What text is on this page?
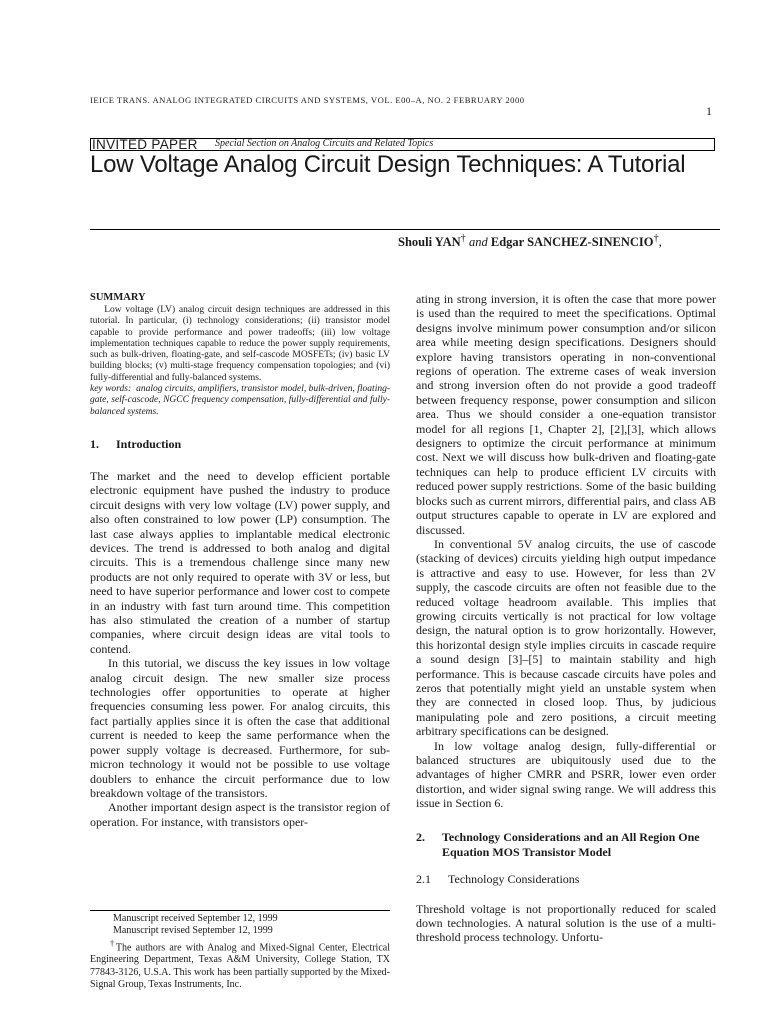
IEICE TRANS. ANALOG INTEGRATED CIRCUITS AND SYSTEMS, VOL. E00–A, NO. 2 FEBRUARY 2000
1
INVITED PAPER Special Section on Analog Circuits and Related Topics
Low Voltage Analog Circuit Design Techniques: A Tutorial
Shouli YAN† and Edgar SANCHEZ-SINENCIO†,

SUMMARY

Low voltage (LV) analog circuit design techniques are addressed in this tutorial. In particular, (i) technology considerations; (ii) transistor model capable to provide performance and power tradeoffs; (iii) low voltage implementation techniques capable to reduce the power supply requirements, such as bulk-driven, floating-gate, and self-cascode MOSFETs; (iv) basic LV building blocks; (v) multi-stage frequency compensation topologies; and (vi) fully-differential and fully-balanced systems.

key words: analog circuits, amplifiers, transistor model, bulk-driven, floating-gate, self-cascode, NGCC frequency compensation, fully-differential and fully-balanced systems.

1. Introduction

The market and the need to develop efficient portable electronic equipment have pushed the industry to produce circuit designs with very low voltage (LV) power supply, and also often constrained to low power (LP) consumption. The last case always applies to implantable medical electronic devices. The trend is addressed to both analog and digital circuits. This is a tremendous challenge since many new products are not only required to operate with 3V or less, but need to have superior performance and lower cost to compete in an industry with fast turn around time. This competition has also stimulated the creation of a number of startup companies, where circuit design ideas are vital tools to contend.

In this tutorial, we discuss the key issues in low voltage analog circuit design. The new smaller size process technologies offer opportunities to operate at higher frequencies consuming less power. For analog circuits, this fact partially applies since it is often the case that additional current is needed to keep the same performance when the power supply voltage is decreased. Furthermore, for sub-micron technology it would not be possible to use voltage doublers to enhance the circuit performance due to low breakdown voltage of the transistors.

Another important design aspect is the transistor region of operation. For instance, with transistors oper-

Manuscript received September 12, 1999

Manuscript revised September 12, 1999

†The authors are with Analog and Mixed-Signal Center, Electrical Engineering Department, Texas A&M University, College Station, TX 77843-3126, U.S.A. This work has been partially supported by the Mixed-Signal Group, Texas Instruments, Inc.

ating in strong inversion, it is often the case that more power is used than the required to meet the specifications. Optimal designs involve minimum power consumption and/or silicon area while meeting design specifications. Designers should explore having transistors operating in non-conventional regions of operation. The extreme cases of weak inversion and strong inversion often do not provide a good tradeoff between frequency response, power consumption and silicon area. Thus we should consider a one-equation transistor model for all regions [1, Chapter 2], [2],[3], which allows designers to optimize the circuit performance at minimum cost. Next we will discuss how bulk-driven and floating-gate techniques can help to produce efficient LV circuits with reduced power supply restrictions. Some of the basic building blocks such as current mirrors, differential pairs, and class AB output structures capable to operate in LV are explored and discussed.

In conventional 5V analog circuits, the use of cascode (stacking of devices) circuits yielding high output impedance is attractive and easy to use. However, for less than 2V supply, the cascode circuits are often not feasible due to the reduced voltage headroom available. This implies that growing circuits vertically is not practical for low voltage design, the natural option is to grow horizontally. However, this horizontal design style implies circuits in cascade require a sound design [3]–[5] to maintain stability and high performance. This is because cascade circuits have poles and zeros that potentially might yield an unstable system when they are connected in closed loop. Thus, by judicious manipulating pole and zero positions, a circuit meeting arbitrary specifications can be designed.

In low voltage analog design, fully-differential or balanced structures are ubiquitously used due to the advantages of higher CMRR and PSRR, lower even order distortion, and wider signal swing range. We will address this issue in Section 6.

2.	Technology Considerations and an All Region One Equation MOS Transistor Model

2.1 Technology Considerations

Threshold voltage is not proportionally reduced for scaled down technologies. A natural solution is the use of a multi-threshold process technology. Unfortu-
